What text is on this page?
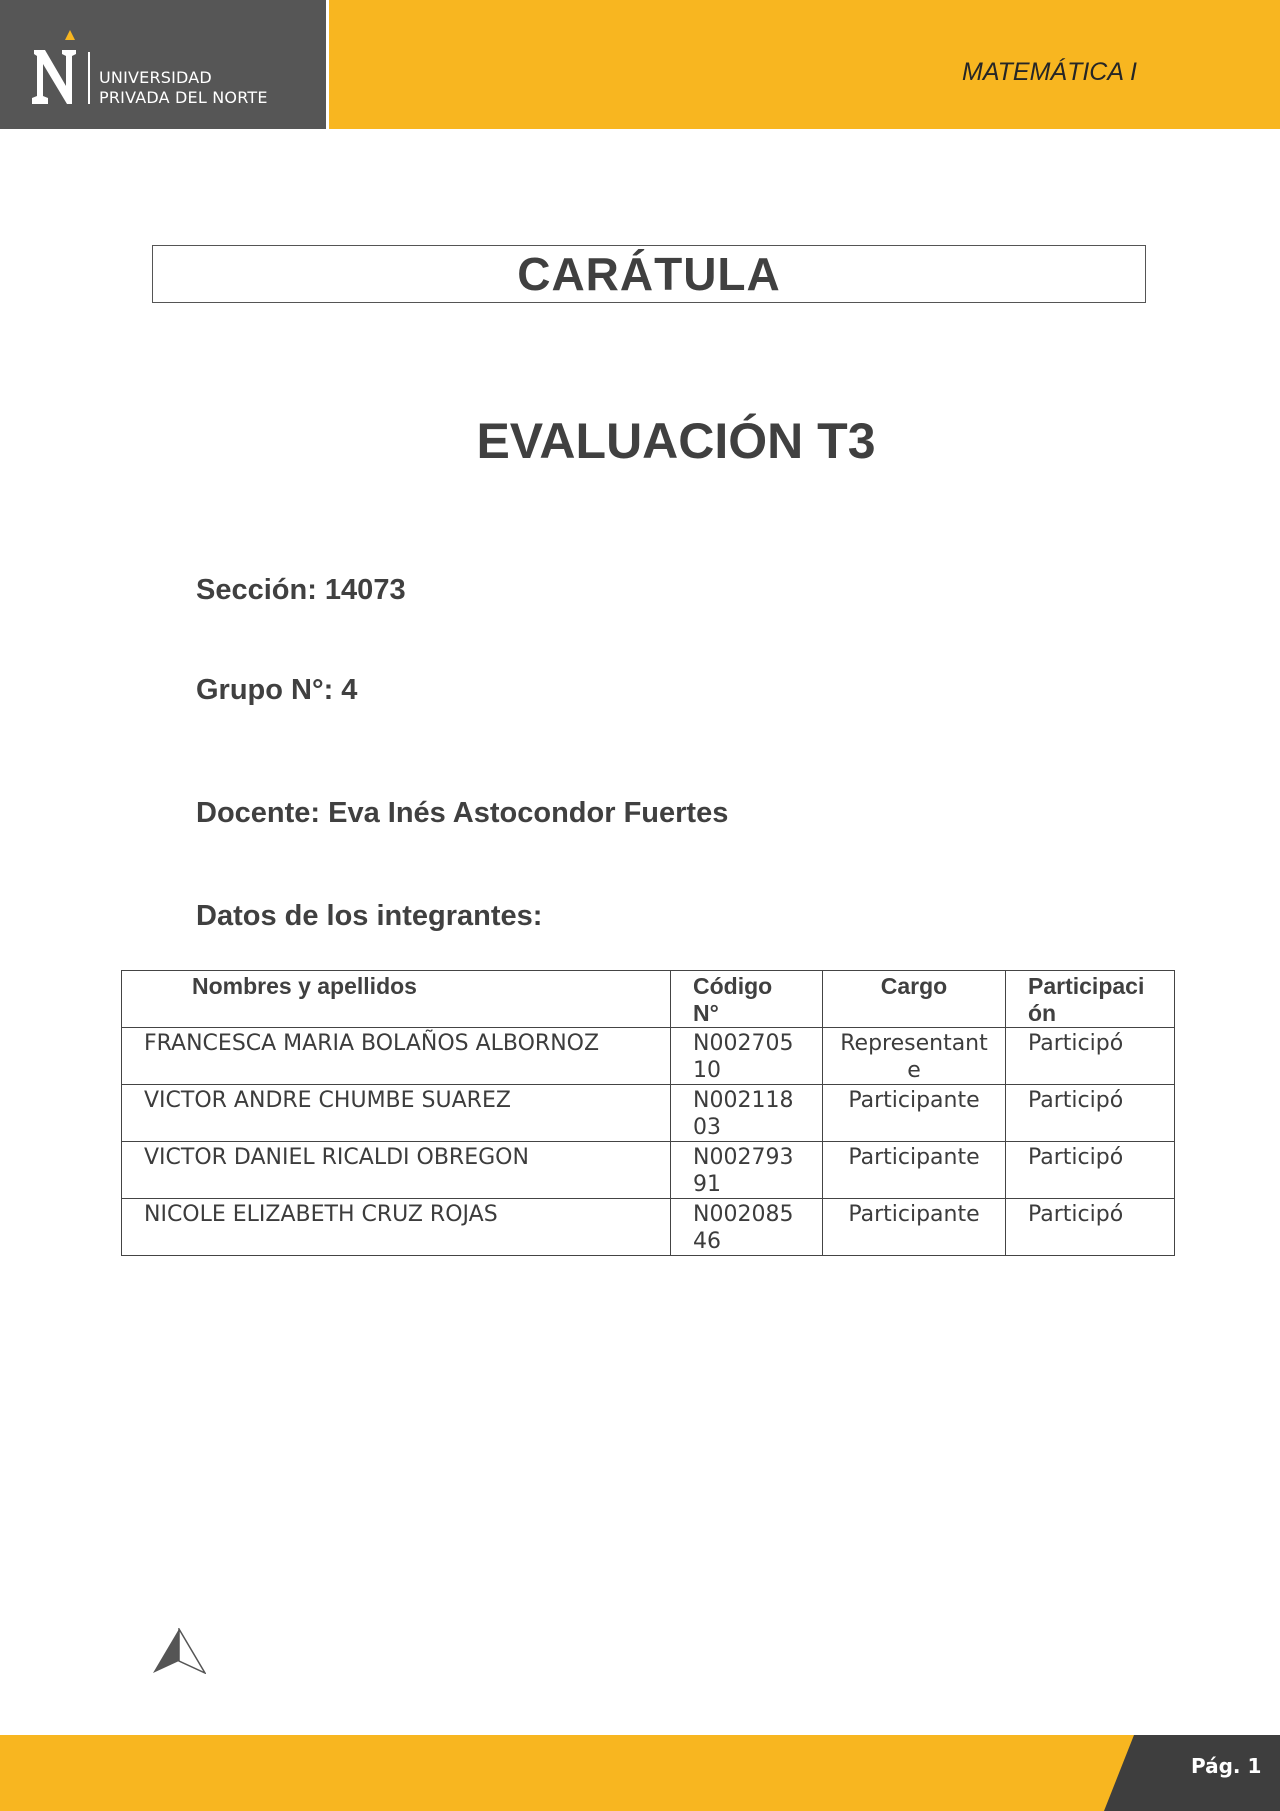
UNIVERSIDAD
PRIVADA DEL NORTE
MATEMÁTICA I
CARÁTULA
EVALUACIÓN T3
Sección: 14073
Grupo N°: 4
Docente: Eva Inés Astocondor Fuertes
Datos de los integrantes:
Nombres y apellidos	Código N°	Cargo	Participación
FRANCESCA MARIA BOLAÑOS ALBORNOZ	N00270510	Representante	Participó
VICTOR ANDRE CHUMBE SUAREZ	N00211803	Participante	Participó
VICTOR DANIEL RICALDI OBREGON	N00279391	Participante	Participó
NICOLE ELIZABETH CRUZ ROJAS	N00208546	Participante	Participó
Pág. 1
